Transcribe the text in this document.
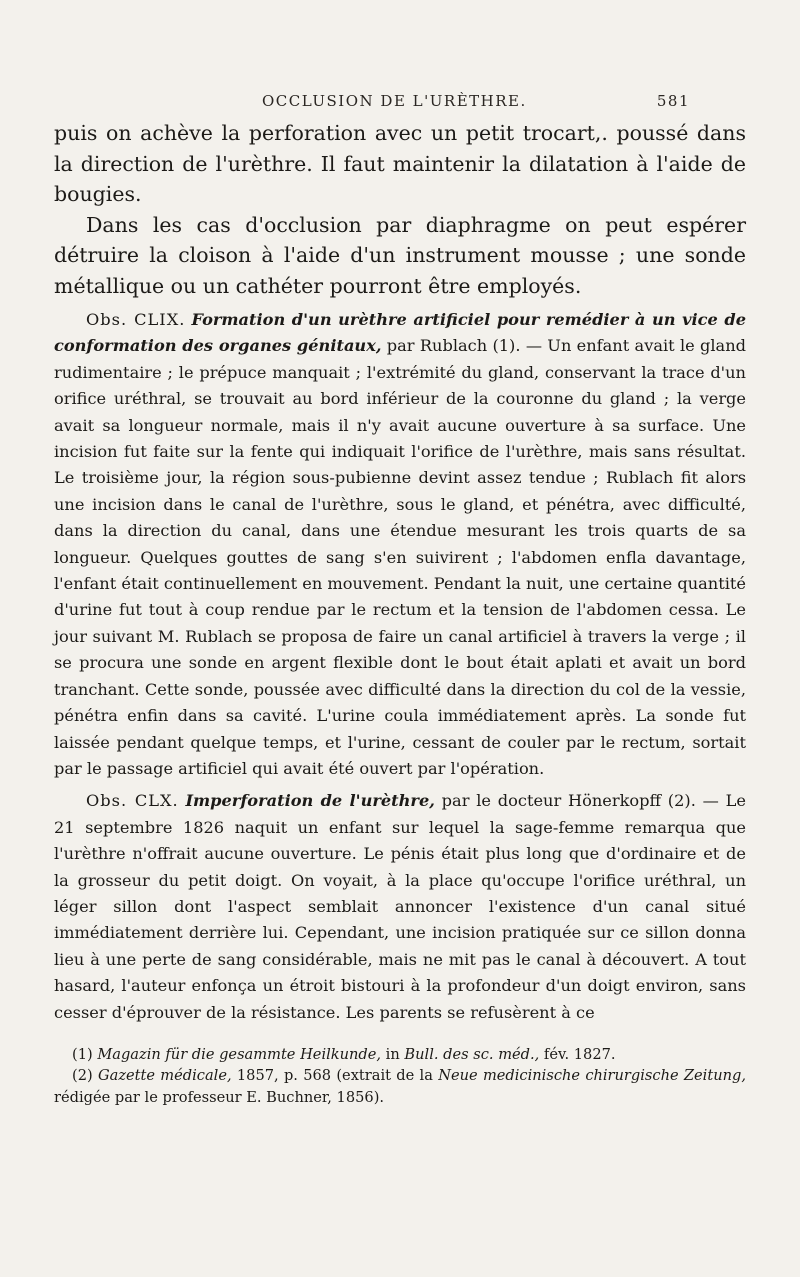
OCCLUSION DE L'URÈTHRE.	581

puis on achève la perforation avec un petit trocart,. poussé dans la direction de l'urèthre. Il faut maintenir la dilatation à l'aide de bougies.

Dans les cas d'occlusion par diaphragme on peut espérer détruire la cloison à l'aide d'un instrument mousse ; une sonde métallique ou un cathéter pourront être employés.

Obs. CLIX. Formation d'un urèthre artificiel pour remédier à un vice de conformation des organes génitaux, par Rublach (1). — Un enfant avait le gland rudimentaire ; le prépuce manquait ; l'extrémité du gland, conservant la trace d'un orifice uréthral, se trouvait au bord inférieur de la couronne du gland ; la verge avait sa longueur normale, mais il n'y avait aucune ouverture à sa surface. Une incision fut faite sur la fente qui indiquait l'orifice de l'urèthre, mais sans résultat. Le troisième jour, la région sous-pubienne devint assez tendue ; Rublach fit alors une incision dans le canal de l'urèthre, sous le gland, et pénétra, avec difficulté, dans la direction du canal, dans une étendue mesurant les trois quarts de sa longueur. Quelques gouttes de sang s'en suivirent ; l'abdomen enfla davantage, l'enfant était continuellement en mouvement. Pendant la nuit, une certaine quantité d'urine fut tout à coup rendue par le rectum et la tension de l'abdomen cessa. Le jour suivant M. Rublach se proposa de faire un canal artificiel à travers la verge ; il se procura une sonde en argent flexible dont le bout était aplati et avait un bord tranchant. Cette sonde, poussée avec difficulté dans la direction du col de la vessie, pénétra enfin dans sa cavité. L'urine coula immédiatement après. La sonde fut laissée pendant quelque temps, et l'urine, cessant de couler par le rectum, sortait par le passage artificiel qui avait été ouvert par l'opération.

Obs. CLX. Imperforation de l'urèthre, par le docteur Hönerkopff (2). — Le 21 septembre 1826 naquit un enfant sur lequel la sage-femme remarqua que l'urèthre n'offrait aucune ouverture. Le pénis était plus long que d'ordinaire et de la grosseur du petit doigt. On voyait, à la place qu'occupe l'orifice uréthral, un léger sillon dont l'aspect semblait annoncer l'existence d'un canal situé immédiatement derrière lui. Cependant, une incision pratiquée sur ce sillon donna lieu à une perte de sang considérable, mais ne mit pas le canal à découvert. A tout hasard, l'auteur enfonça un étroit bistouri à la profondeur d'un doigt environ, sans cesser d'éprouver de la résistance. Les parents se refusèrent à ce

(1) Magazin für die gesammte Heilkunde, in Bull. des sc. méd., fév. 1827.

(2) Gazette médicale, 1857, p. 568 (extrait de la Neue medicinische chirurgische Zeitung, rédigée par le professeur E. Buchner, 1856).
